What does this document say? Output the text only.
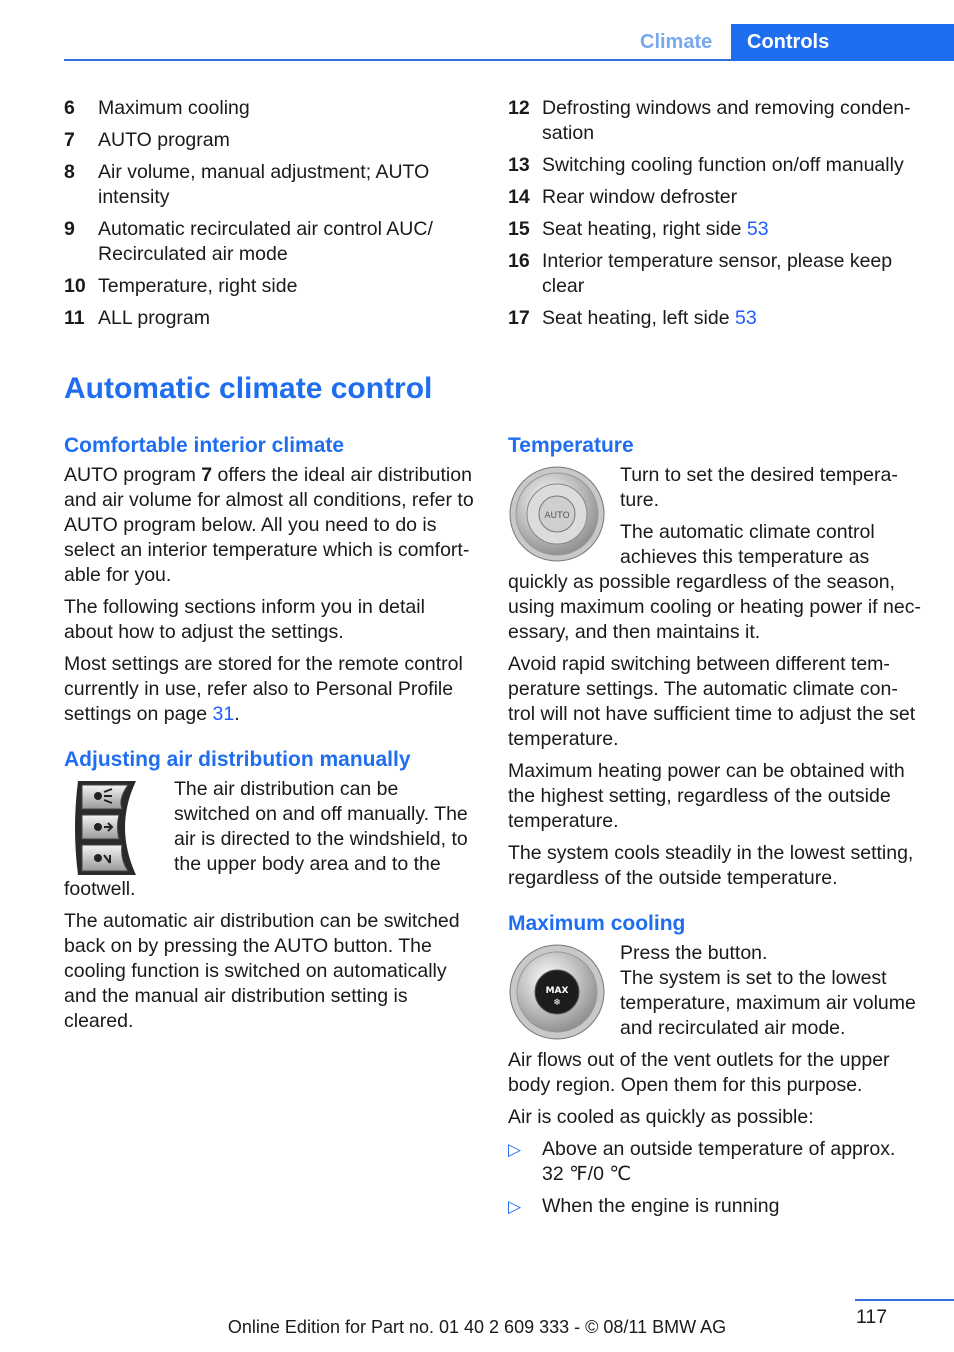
Climate	Controls
6 Maximum cooling
7 AUTO program
8 Air volume, manual adjustment; AUTO intensity
9 Automatic recirculated air control AUC/ Recirculated air mode
10 Temperature, right side
11 ALL program
12 Defrosting windows and removing conden-sation
13 Switching cooling function on/off manually
14 Rear window defroster
15 Seat heating, right side 53
16 Interior temperature sensor, please keep clear
17 Seat heating, left side 53
Automatic climate control
Comfortable interior climate

AUTO program 7 offers the ideal air distribution and air volume for almost all conditions, refer to AUTO program below. All you need to do is select an interior temperature which is comfort-able for you.

The following sections inform you in detail about how to adjust the settings.

Most settings are stored for the remote control currently in use, refer also to Personal Profile settings on page 31.

Adjusting air distribution manually

The air distribution can be switched on and off manually. The air is directed to the windshield, to the upper body area and to the footwell.

The automatic air distribution can be switched back on by pressing the AUTO button. The cooling function is switched on automatically and the manual air distribution setting is cleared.

Temperature
AUTO

Turn to set the desired tempera-ture.

The automatic climate control achieves this temperature as quickly as possible regardless of the season, using maximum cooling or heating power if nec-essary, and then maintains it.

Avoid rapid switching between different tem-perature settings. The automatic climate con-trol will not have sufficient time to adjust the set temperature.

Maximum heating power can be obtained with the highest setting, regardless of the outside temperature.

The system cools steadily in the lowest setting, regardless of the outside temperature.

Maximum cooling
MAX
❄

Press the button.

The system is set to the lowest temperature, maximum air volume and recirculated air mode.

Air flows out of the vent outlets for the upper body region. Open them for this purpose.

Air is cooled as quickly as possible:

▷ Above an outside temperature of approx. 32 ℉/0 ℃
▷ When the engine is running
117
Online Edition for Part no. 01 40 2 609 333 - © 08/11 BMW AG
